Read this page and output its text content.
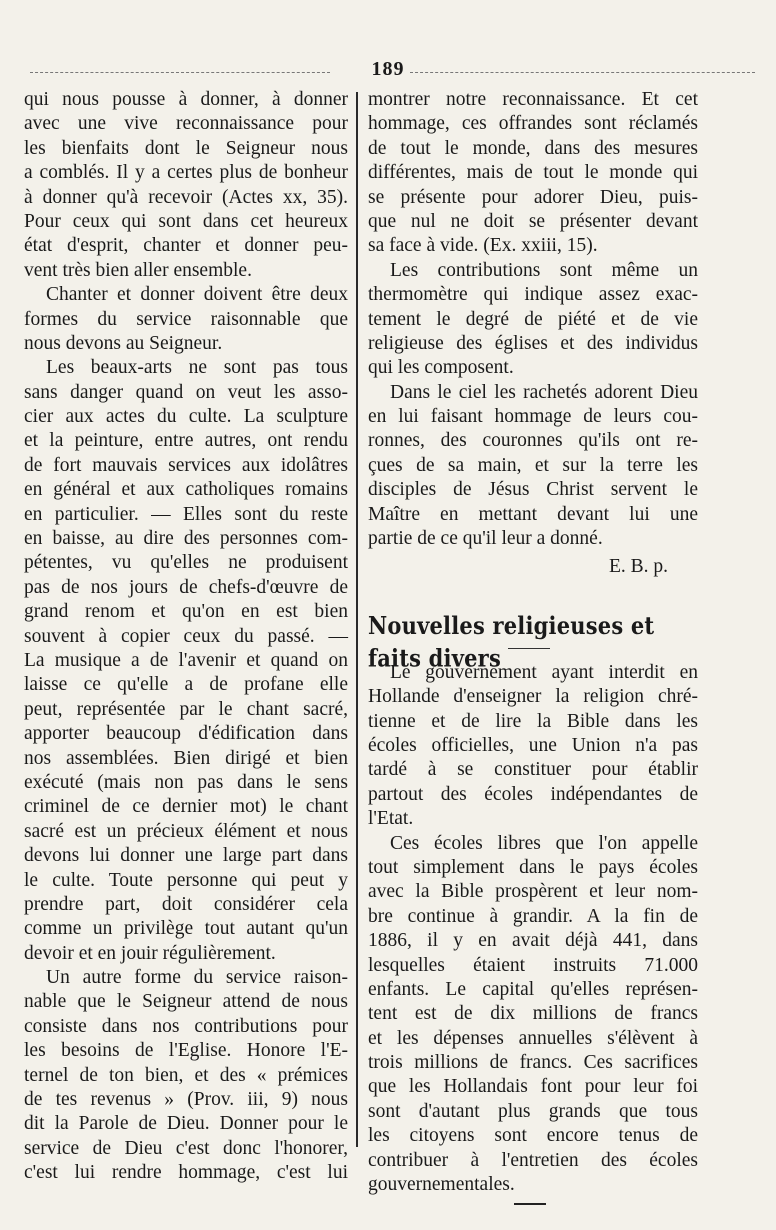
189
qui nous pousse à donner, à donner
avec une vive reconnaissance pour
les bienfaits dont le Seigneur nous
a comblés. Il y a certes plus de bonheur
à donner qu'à recevoir (Actes xx, 35).
Pour ceux qui sont dans cet heureux
état d'esprit, chanter et donner peu-
vent très bien aller ensemble.
Chanter et donner doivent être deux
formes du service raisonnable que
nous devons au Seigneur.
Les beaux-arts ne sont pas tous
sans danger quand on veut les asso-
cier aux actes du culte. La sculpture
et la peinture, entre autres, ont rendu
de fort mauvais services aux idolâtres
en général et aux catholiques romains
en particulier. — Elles sont du reste
en baisse, au dire des personnes com-
pétentes, vu qu'elles ne produisent
pas de nos jours de chefs-d'œuvre de
grand renom et qu'on en est bien
souvent à copier ceux du passé. —
La musique a de l'avenir et quand on
laisse ce qu'elle a de profane elle
peut, représentée par le chant sacré,
apporter beaucoup d'édification dans
nos assemblées. Bien dirigé et bien
exécuté (mais non pas dans le sens
criminel de ce dernier mot) le chant
sacré est un précieux élément et nous
devons lui donner une large part dans
le culte. Toute personne qui peut y
prendre part, doit considérer cela
comme un privilège tout autant qu'un
devoir et en jouir régulièrement.
Un autre forme du service raison-
nable que le Seigneur attend de nous
consiste dans nos contributions pour
les besoins de l'Eglise. Honore l'E-
ternel de ton bien, et des « prémices
de tes revenus » (Prov. iii, 9) nous
dit la Parole de Dieu. Donner pour le
service de Dieu c'est donc l'honorer,
c'est lui rendre hommage, c'est lui
montrer notre reconnaissance. Et cet
hommage, ces offrandes sont réclamés
de tout le monde, dans des mesures
différentes, mais de tout le monde qui
se présente pour adorer Dieu, puis-
que nul ne doit se présenter devant
sa face à vide. (Ex. xxiii, 15).
Les contributions sont même un
thermomètre qui indique assez exac-
tement le degré de piété et de vie
religieuse des églises et des individus
qui les composent.
Dans le ciel les rachetés adorent Dieu
en lui faisant hommage de leurs cou-
ronnes, des couronnes qu'ils ont re-
çues de sa main, et sur la terre les
disciples de Jésus Christ servent le
Maître en mettant devant lui une
partie de ce qu'il leur a donné.
E. B. p.
Nouvelles religieuses et faits divers
Le gouvernement ayant interdit en
Hollande d'enseigner la religion chré-
tienne et de lire la Bible dans les
écoles officielles, une Union n'a pas
tardé à se constituer pour établir
partout des écoles indépendantes de
l'Etat.
Ces écoles libres que l'on appelle
tout simplement dans le pays écoles
avec la Bible prospèrent et leur nom-
bre continue à grandir. A la fin de
1886, il y en avait déjà 441, dans
lesquelles étaient instruits 71.000
enfants. Le capital qu'elles représen-
tent est de dix millions de francs
et les dépenses annuelles s'élèvent à
trois millions de francs. Ces sacrifices
que les Hollandais font pour leur foi
sont d'autant plus grands que tous
les citoyens sont encore tenus de
contribuer à l'entretien des écoles
gouvernementales.
